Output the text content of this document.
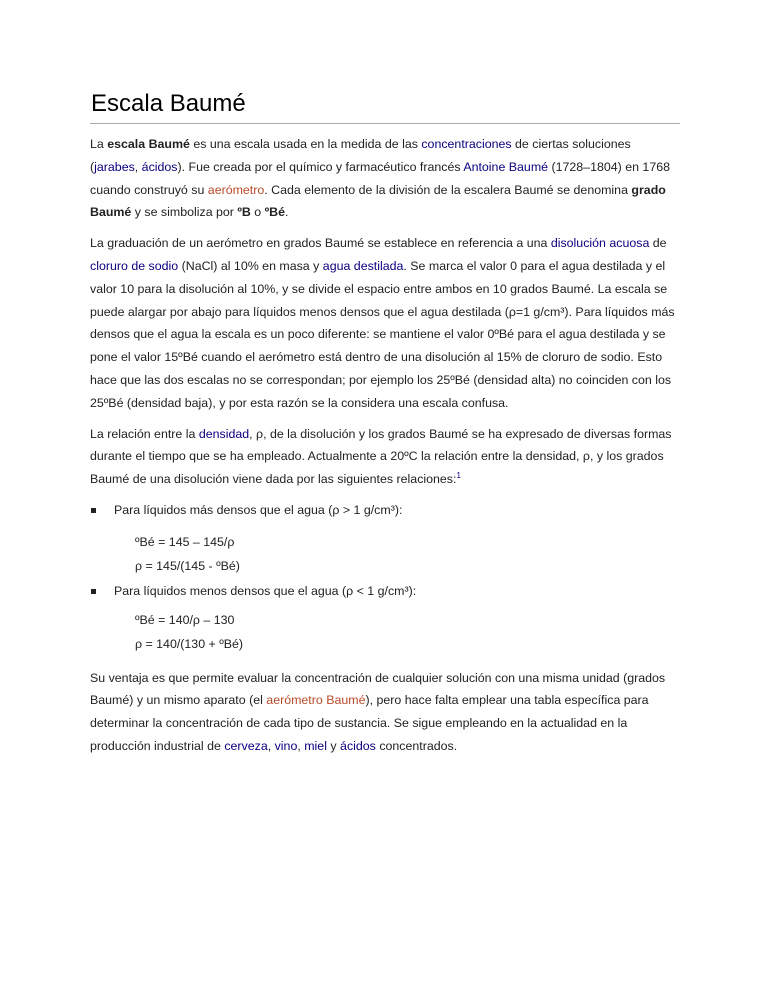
Escala Baumé

La escala Baumé es una escala usada en la medida de las concentraciones de ciertas soluciones (jarabes, ácidos). Fue creada por el químico y farmacéutico francés Antoine Baumé (1728–1804) en 1768 cuando construyó su aerómetro. Cada elemento de la división de la escalera Baumé se denomina grado Baumé y se simboliza por ºB o ºBé.

La graduación de un aerómetro en grados Baumé se establece en referencia a una disolución acuosa de cloruro de sodio (NaCl) al 10% en masa y agua destilada. Se marca el valor 0 para el agua destilada y el valor 10 para la disolución al 10%, y se divide el espacio entre ambos en 10 grados Baumé. La escala se puede alargar por abajo para líquidos menos densos que el agua destilada (ρ=1 g/cm³). Para líquidos más densos que el agua la escala es un poco diferente: se mantiene el valor 0ºBé para el agua destilada y se pone el valor 15ºBé cuando el aerómetro está dentro de una disolución al 15% de cloruro de sodio. Esto hace que las dos escalas no se correspondan; por ejemplo los 25ºBé (densidad alta) no coinciden con los 25ºBé (densidad baja), y por esta razón se la considera una escala confusa.

La relación entre la densidad, ρ, de la disolución y los grados Baumé se ha expresado de diversas formas durante el tiempo que se ha empleado. Actualmente a 20ºC la relación entre la densidad, ρ, y los grados Baumé de una disolución viene dada por las siguientes relaciones:$^1$

Para líquidos más densos que el agua (ρ > 1 g/cm³):
ºBé = 145 – 145/ρ
ρ = 145/(145 - ºBé)
Para líquidos menos densos que el agua (ρ < 1 g/cm³):
ºBé = 140/ρ – 130
ρ = 140/(130 + ºBé)

Su ventaja es que permite evaluar la concentración de cualquier solución con una misma unidad (grados Baumé) y un mismo aparato (el aerómetro Baumé), pero hace falta emplear una tabla específica para determinar la concentración de cada tipo de sustancia. Se sigue empleando en la actualidad en la producción industrial de cerveza, vino, miel y ácidos concentrados.
